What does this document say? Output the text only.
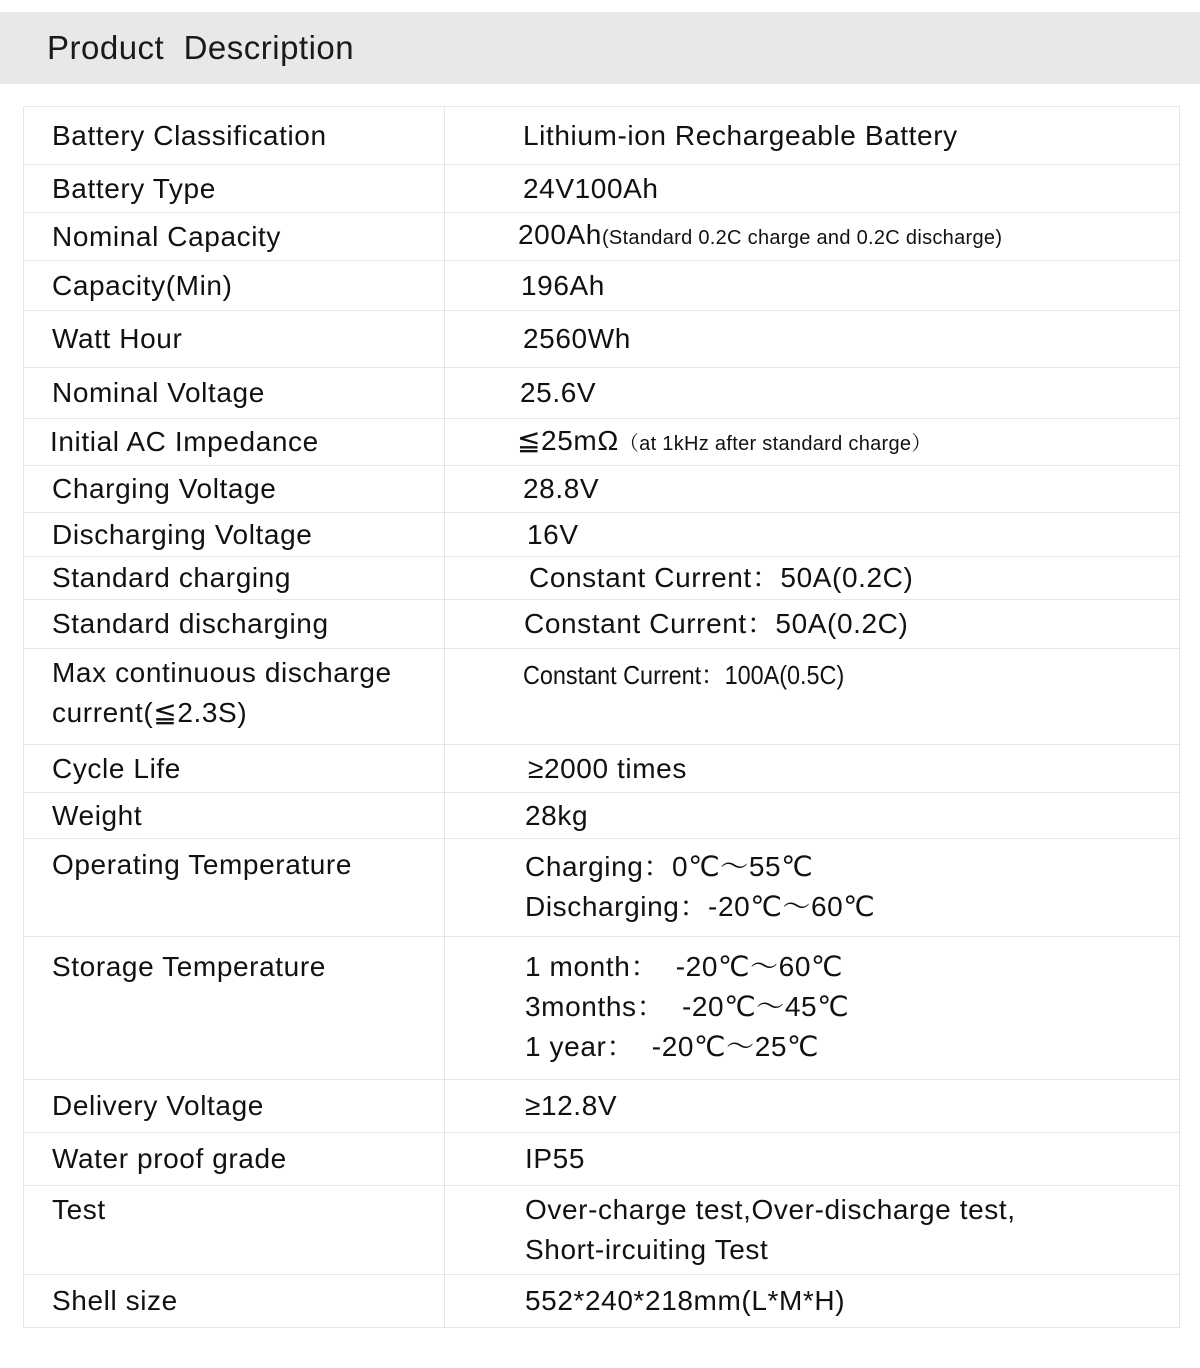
Product  Description
Battery Classification	Lithium-ion Rechargeable Battery
Battery Type	24V100Ah
Nominal Capacity	200Ah(Standard 0.2C charge and 0.2C discharge)
Capacity(Min)	196Ah
Watt Hour	2560Wh
Nominal Voltage	25.6V
Initial AC Impedance	≦25mΩ（at 1kHz after standard charge）
Charging Voltage	28.8V
Discharging Voltage	16V
Standard charging	Constant Current：50A(0.2C)
Standard discharging	Constant Current：50A(0.2C)

Max continuous discharge
current(≦2.3S)	Constant Current：100A(0.5C)
Cycle Life	≥2000 times
Weight	28kg
Operating Temperature	Charging：0℃～55℃
Discharging：-20℃～60℃

Storage Temperature	1 month：  -20℃～60℃
3months：  -20℃～45℃
1 year：  -20℃～25℃

Delivery Voltage	≥12.8V
Water proof grade	IP55
Test	Over-charge test,Over-discharge test,
Short-ircuiting Test

Shell size	552*240*218mm(L*M*H)
